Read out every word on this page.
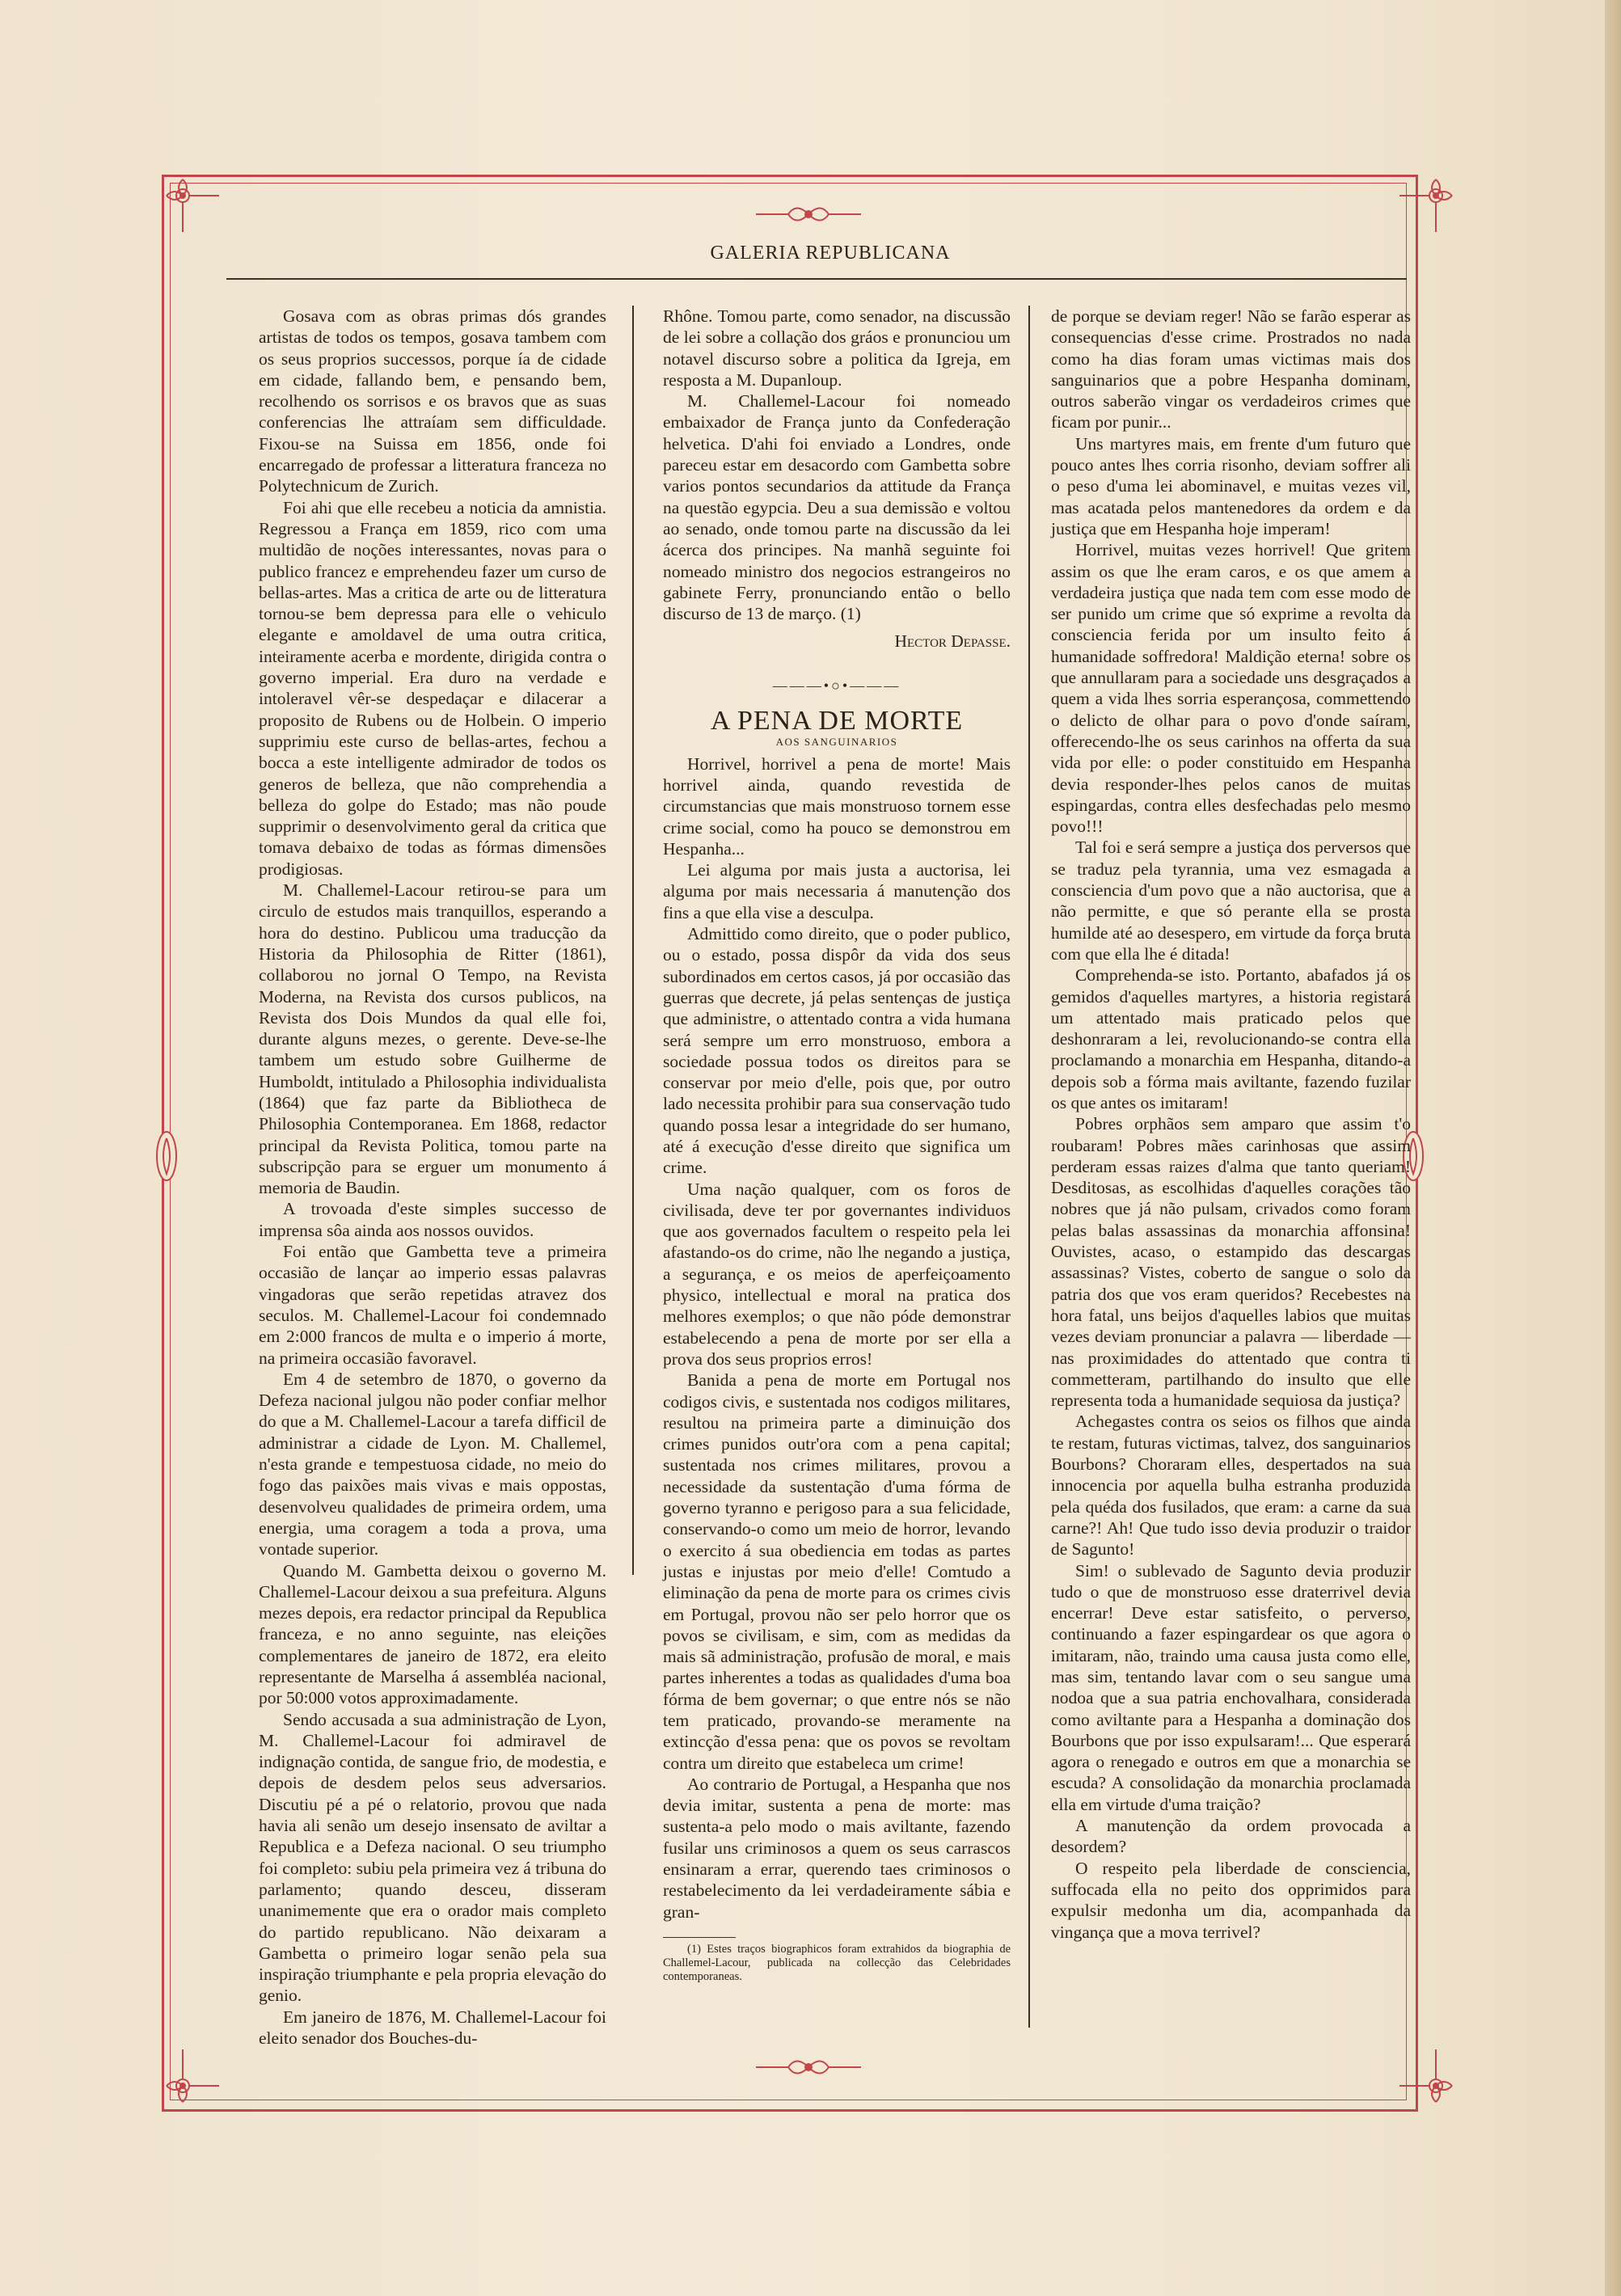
GALERIA REPUBLICANA

Gosava com as obras primas dós grandes artistas de todos os tempos, gosava tambem com os seus proprios successos, porque ía de cidade em cidade, fallando bem, e pensando bem, recolhendo os sorrisos e os bravos que as suas conferencias lhe attraíam sem difficuldade. Fixou-se na Suissa em 1856, onde foi encarregado de professar a litteratura franceza no Polytechnicum de Zurich.

Foi ahi que elle recebeu a noticia da amnistia. Regressou a França em 1859, rico com uma multidão de noções interessantes, novas para o publico francez e emprehendeu fazer um curso de bellas-artes. Mas a critica de arte ou de litteratura tornou-se bem depressa para elle o vehiculo elegante e amoldavel de uma outra critica, inteiramente acerba e mordente, dirigida contra o governo imperial. Era duro na verdade e intoleravel vêr-se despedaçar e dilacerar a proposito de Rubens ou de Holbein. O imperio supprimiu este curso de bellas-artes, fechou a bocca a este intelligente admirador de todos os generos de belleza, que não comprehendia a belleza do golpe do Estado; mas não poude supprimir o desenvolvimento geral da critica que tomava debaixo de todas as fórmas dimensões prodigiosas.

M. Challemel-Lacour retirou-se para um circulo de estudos mais tranquillos, esperando a hora do destino. Publicou uma traducção da Historia da Philosophia de Ritter (1861), collaborou no jornal O Tempo, na Revista Moderna, na Revista dos cursos publicos, na Revista dos Dois Mundos da qual elle foi, durante alguns mezes, o gerente. Deve-se-lhe tambem um estudo sobre Guilherme de Humboldt, intitulado a Philosophia individualista (1864) que faz parte da Bibliotheca de Philosophia Contemporanea. Em 1868, redactor principal da Revista Politica, tomou parte na subscripção para se erguer um monumento á memoria de Baudin.

A trovoada d'este simples successo de imprensa sôa ainda aos nossos ouvidos.

Foi então que Gambetta teve a primeira occasião de lançar ao imperio essas palavras vingadoras que serão repetidas atravez dos seculos. M. Challemel-Lacour foi condemnado em 2:000 francos de multa e o imperio á morte, na primeira occasião favoravel.

Em 4 de setembro de 1870, o governo da Defeza nacional julgou não poder confiar melhor do que a M. Challemel-Lacour a tarefa difficil de administrar a cidade de Lyon. M. Challemel, n'esta grande e tempestuosa cidade, no meio do fogo das paixões mais vivas e mais oppostas, desenvolveu qualidades de primeira ordem, uma energia, uma coragem a toda a prova, uma vontade superior.

Quando M. Gambetta deixou o governo M. Challemel-Lacour deixou a sua prefeitura. Alguns mezes depois, era redactor principal da Republica franceza, e no anno seguinte, nas eleições complementares de janeiro de 1872, era eleito representante de Marselha á assembléa nacional, por 50:000 votos approximadamente.

Sendo accusada a sua administração de Lyon, M. Challemel-Lacour foi admiravel de indignação contida, de sangue frio, de modestia, e depois de desdem pelos seus adversarios. Discutiu pé a pé o relatorio, provou que nada havia ali senão um desejo insensato de aviltar a Republica e a Defeza nacional. O seu triumpho foi completo: subiu pela primeira vez á tribuna do parlamento; quando desceu, disseram unanimemente que era o orador mais completo do partido republicano. Não deixaram a Gambetta o primeiro logar senão pela sua inspiração triumphante e pela propria elevação do genio.

Em janeiro de 1876, M. Challemel-Lacour foi eleito senador dos Bouches-du-

Rhône. Tomou parte, como senador, na discussão de lei sobre a collação dos gráos e pronunciou um notavel discurso sobre a politica da Igreja, em resposta a M. Dupanloup.

M. Challemel-Lacour foi nomeado embaixador de França junto da Confederação helvetica. D'ahi foi enviado a Londres, onde pareceu estar em desacordo com Gambetta sobre varios pontos secundarios da attitude da França na questão egypcia. Deu a sua demissão e voltou ao senado, onde tomou parte na discussão da lei ácerca dos principes. Na manhã seguinte foi nomeado ministro dos negocios estrangeiros no gabinete Ferry, pronunciando então o bello discurso de 13 de março. (1)

Hector Depasse.

———•○•———

A PENA DE MORTE

AOS SANGUINARIOS

Horrivel, horrivel a pena de morte! Mais horrivel ainda, quando revestida de circumstancias que mais monstruoso tornem esse crime social, como ha pouco se demonstrou em Hespanha...

Lei alguma por mais justa a auctorisa, lei alguma por mais necessaria á manutenção dos fins a que ella vise a desculpa.

Admittido como direito, que o poder publico, ou o estado, possa dispôr da vida dos seus subordinados em certos casos, já por occasião das guerras que decrete, já pelas sentenças de justiça que administre, o attentado contra a vida humana será sempre um erro monstruoso, embora a sociedade possua todos os direitos para se conservar por meio d'elle, pois que, por outro lado necessita prohibir para sua conservação tudo quando possa lesar a integridade do ser humano, até á execução d'esse direito que significa um crime.

Uma nação qualquer, com os foros de civilisada, deve ter por governantes individuos que aos governados facultem o respeito pela lei afastando-os do crime, não lhe negando a justiça, a segurança, e os meios de aperfeiçoamento physico, intellectual e moral na pratica dos melhores exemplos; o que não póde demonstrar estabelecendo a pena de morte por ser ella a prova dos seus proprios erros!

Banida a pena de morte em Portugal nos codigos civis, e sustentada nos codigos militares, resultou na primeira parte a diminuição dos crimes punidos outr'ora com a pena capital; sustentada nos crimes militares, provou a necessidade da sustentação d'uma fórma de governo tyranno e perigoso para a sua felicidade, conservando-o como um meio de horror, levando o exercito á sua obediencia em todas as partes justas e injustas por meio d'elle! Comtudo a eliminação da pena de morte para os crimes civis em Portugal, provou não ser pelo horror que os povos se civilisam, e sim, com as medidas da mais sã administração, profusão de moral, e mais partes inherentes a todas as qualidades d'uma boa fórma de bem governar; o que entre nós se não tem praticado, provando-se meramente na extincção d'essa pena: que os povos se revoltam contra um direito que estabeleca um crime!

Ao contrario de Portugal, a Hespanha que nos devia imitar, sustenta a pena de morte: mas sustenta-a pelo modo o mais aviltante, fazendo fusilar uns criminosos a quem os seus carrascos ensinaram a errar, querendo taes criminosos o restabelecimento da lei verdadeiramente sábia e gran-

(1) Estes traços biographicos foram extrahidos da biographia de Challemel-Lacour, publicada na collecção das Celebridades contemporaneas.

de porque se deviam reger! Não se farão esperar as consequencias d'esse crime. Prostrados no nada como ha dias foram umas victimas mais dos sanguinarios que a pobre Hespanha dominam, outros saberão vingar os verdadeiros crimes que ficam por punir...

Uns martyres mais, em frente d'um futuro que pouco antes lhes corria risonho, deviam soffrer ali o peso d'uma lei abominavel, e muitas vezes vil, mas acatada pelos mantenedores da ordem e da justiça que em Hespanha hoje imperam!

Horrivel, muitas vezes horrivel! Que gritem assim os que lhe eram caros, e os que amem a verdadeira justiça que nada tem com esse modo de ser punido um crime que só exprime a revolta da consciencia ferida por um insulto feito á humanidade soffredora! Maldição eterna! sobre os que annullaram para a sociedade uns desgraçados a quem a vida lhes sorria esperançosa, commettendo o delicto de olhar para o povo d'onde saíram, offerecendo-lhe os seus carinhos na offerta da sua vida por elle: o poder constituido em Hespanha devia responder-lhes pelos canos de muitas espingardas, contra elles desfechadas pelo mesmo povo!!!

Tal foi e será sempre a justiça dos perversos que se traduz pela tyrannia, uma vez esmagada a consciencia d'um povo que a não auctorisa, que a não permitte, e que só perante ella se prosta humilde até ao desespero, em virtude da força bruta com que ella lhe é ditada!

Comprehenda-se isto. Portanto, abafados já os gemidos d'aquelles martyres, a historia registará um attentado mais praticado pelos que deshonraram a lei, revolucionando-se contra ella proclamando a monarchia em Hespanha, ditando-a depois sob a fórma mais aviltante, fazendo fuzilar os que antes os imitaram!

Pobres orphãos sem amparo que assim t'o roubaram! Pobres mães carinhosas que assim perderam essas raizes d'alma que tanto queriam! Desditosas, as escolhidas d'aquelles corações tão nobres que já não pulsam, crivados como foram pelas balas assassinas da monarchia affonsina! Ouvistes, acaso, o estampido das descargas assassinas? Vistes, coberto de sangue o solo da patria dos que vos eram queridos? Recebestes na hora fatal, uns beijos d'aquelles labios que muitas vezes deviam pronunciar a palavra — liberdade — nas proximidades do attentado que contra ti commetteram, partilhando do insulto que elle representa toda a humanidade sequiosa da justiça?

Achegastes contra os seios os filhos que ainda te restam, futuras victimas, talvez, dos sanguinarios Bourbons? Choraram elles, despertados na sua innocencia por aquella bulha estranha produzida pela quéda dos fusilados, que eram: a carne da sua carne?! Ah! Que tudo isso devia produzir o traidor de Sagunto!

Sim! o sublevado de Sagunto devia produzir tudo o que de monstruoso esse draterrivel devia encerrar! Deve estar satisfeito, o perverso, continuando a fazer espingardear os que agora o imitaram, não, traindo uma causa justa como elle, mas sim, tentando lavar com o seu sangue uma nodoa que a sua patria enchovalhara, considerada como aviltante para a Hespanha a dominação dos Bourbons que por isso expulsaram!... Que esperará agora o renegado e outros em que a monarchia se escuda? A consolidação da monarchia proclamada ella em virtude d'uma traição?

A manutenção da ordem provocada a desordem?

O respeito pela liberdade de consciencia, suffocada ella no peito dos opprimidos para expulsir medonha um dia, acompanhada da vingança que a mova terrivel?
